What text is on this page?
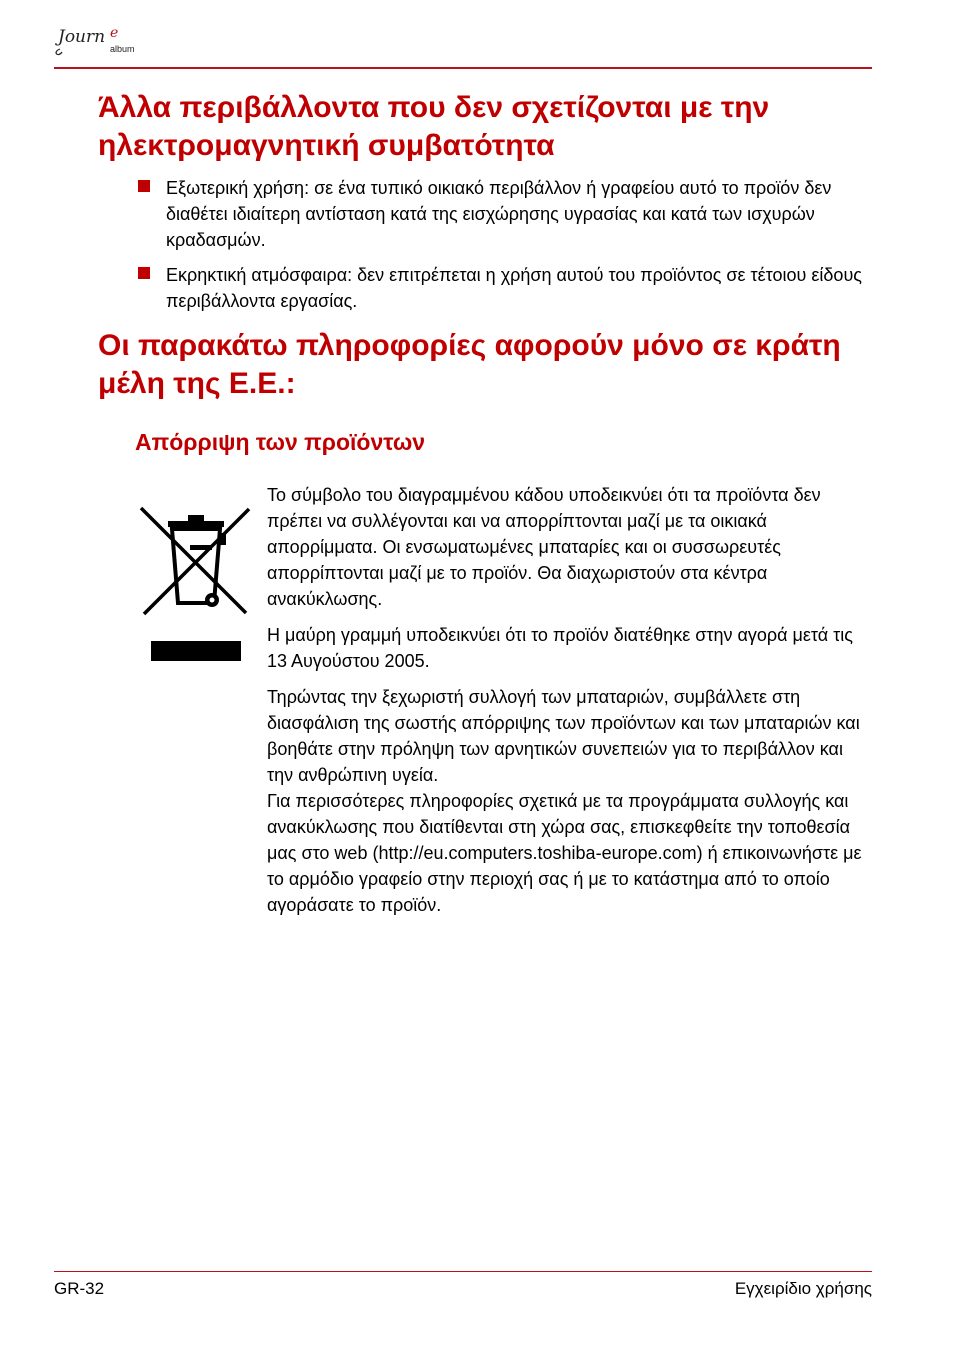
Journ e
album
Άλλα περιβάλλοντα που δεν σχετίζονται με την ηλεκτρομαγνητική συμβατότητα
Εξωτερική χρήση: σε ένα τυπικό οικιακό περιβάλλον ή γραφείου αυτό το προϊόν δεν διαθέτει ιδιαίτερη αντίσταση κατά της εισχώρησης υγρασίας και κατά των ισχυρών κραδασμών.
Εκρηκτική ατμόσφαιρα: δεν επιτρέπεται η χρήση αυτού του προϊόντος σε τέτοιου είδους περιβάλλοντα εργασίας.
Οι παρακάτω πληροφορίες αφορούν μόνο σε κράτη μέλη της Ε.Ε.:
Απόρριψη των προϊόντων

Το σύμβολο του διαγραμμένου κάδου υποδεικνύει ότι τα προϊόντα δεν πρέπει να συλλέγονται και να απορρίπτονται μαζί με τα οικιακά απορρίμματα. Οι ενσωματωμένες μπαταρίες και οι συσσωρευτές απορρίπτονται μαζί με το προϊόν. Θα διαχωριστούν στα κέντρα ανακύκλωσης.

Η μαύρη γραμμή υποδεικνύει ότι το προϊόν διατέθηκε στην αγορά μετά τις 13 Αυγούστου 2005.

Τηρώντας την ξεχωριστή συλλογή των μπαταριών, συμβάλλετε στη διασφάλιση της σωστής απόρριψης των προϊόντων και των μπαταριών και βοηθάτε στην πρόληψη των αρνητικών συνεπειών για το περιβάλλον και την ανθρώπινη υγεία.

Για περισσότερες πληροφορίες σχετικά με τα προγράμματα συλλογής και ανακύκλωσης που διατίθενται στη χώρα σας, επισκεφθείτε την τοποθεσία μας στο web (http://eu.computers.toshiba-europe.com) ή επικοινωνήστε με το αρμόδιο γραφείο στην περιοχή σας ή με το κατάστημα από το οποίο αγοράσατε το προϊόν.

GR-32	Εγχειρίδιο χρήσης
